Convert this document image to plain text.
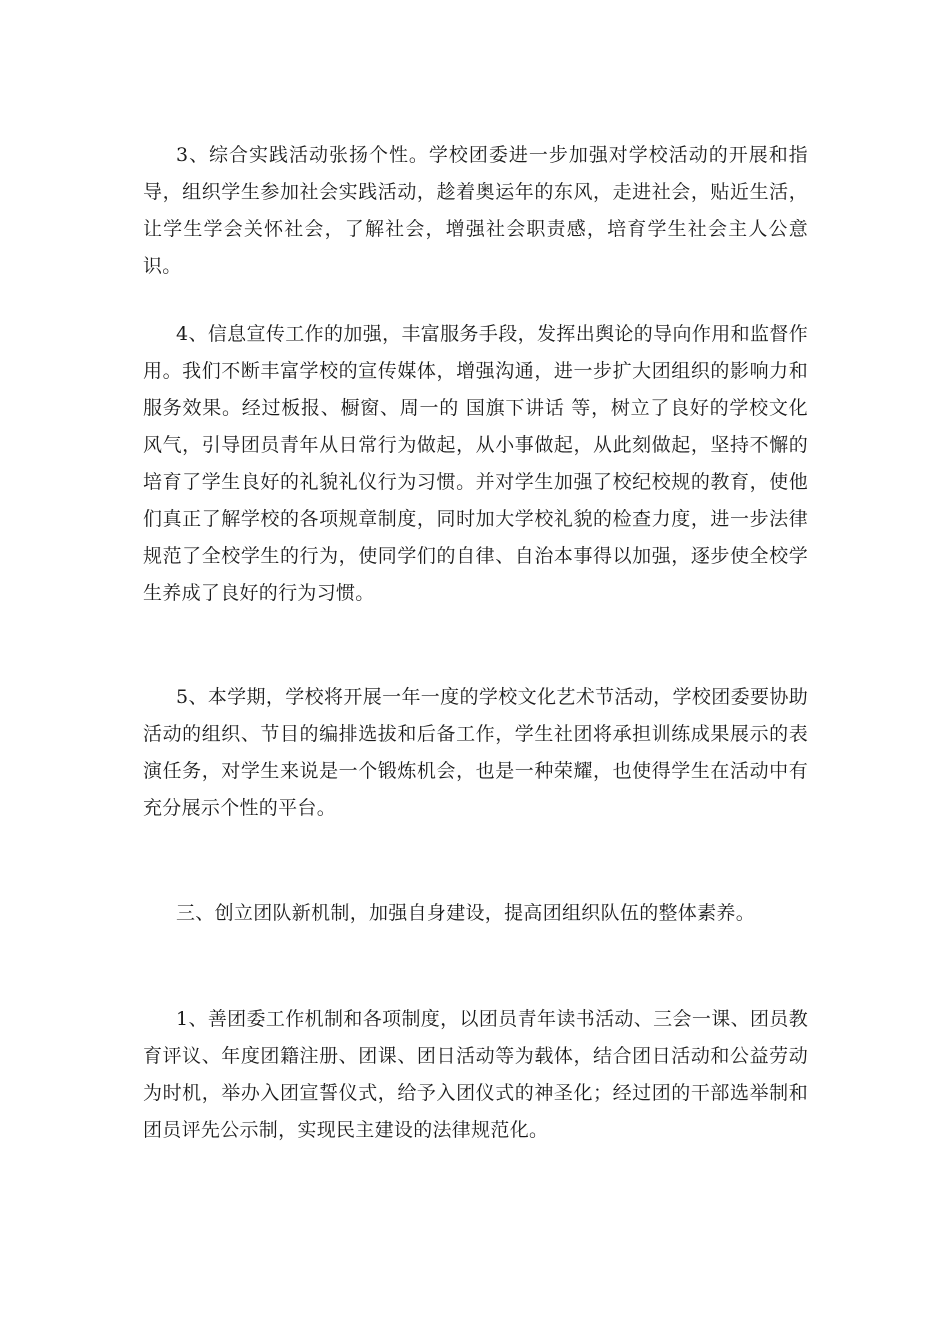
3、综合实践活动张扬个性。学校团委进一步加强对学校活动的开展和指导，组织学生参加社会实践活动，趁着奥运年的东风，走进社会，贴近生活，让学生学会关怀社会，了解社会，增强社会职责感，培育学生社会主人公意识。

4、信息宣传工作的加强，丰富服务手段，发挥出舆论的导向作用和监督作用。我们不断丰富学校的宣传媒体，增强沟通，进一步扩大团组织的影响力和服务效果。经过板报、橱窗、周一的 国旗下讲话 等，树立了良好的学校文化风气，引导团员青年从日常行为做起，从小事做起，从此刻做起，坚持不懈的培育了学生良好的礼貌礼仪行为习惯。并对学生加强了校纪校规的教育，使他们真正了解学校的各项规章制度，同时加大学校礼貌的检查力度，进一步法律规范了全校学生的行为，使同学们的自律、自治本事得以加强，逐步使全校学生养成了良好的行为习惯。

5、本学期，学校将开展一年一度的学校文化艺术节活动，学校团委要协助活动的组织、节目的编排选拔和后备工作，学生社团将承担训练成果展示的表演任务，对学生来说是一个锻炼机会，也是一种荣耀，也使得学生在活动中有充分展示个性的平台。

三、创立团队新机制，加强自身建设，提高团组织队伍的整体素养。

1、善团委工作机制和各项制度，以团员青年读书活动、三会一课、团员教育评议、年度团籍注册、团课、团日活动等为载体，结合团日活动和公益劳动为时机，举办入团宣誓仪式，给予入团仪式的神圣化；经过团的干部选举制和团员评先公示制，实现民主建设的法律规范化。
